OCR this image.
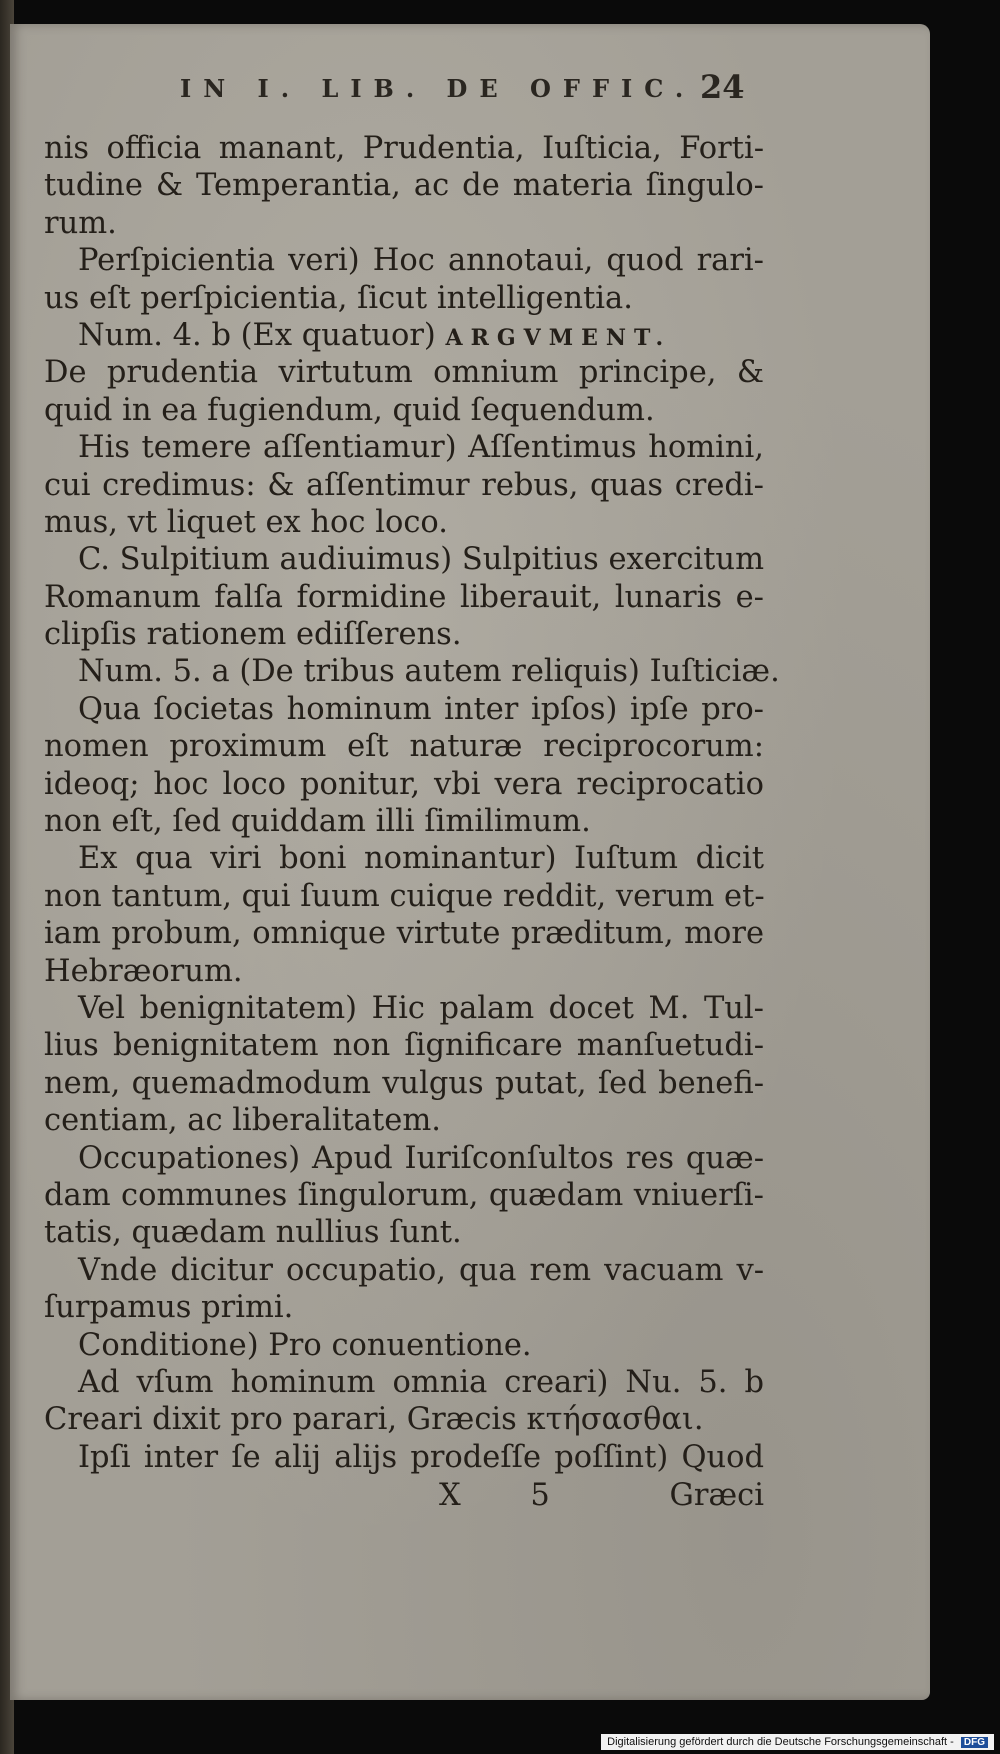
IN I. LIB. DE OFFIC. 24
nis officia manant, Prudentia, Iuſticia, Forti-
tudine & Temperantia, ac de materia ſingulo-
rum.
Perſpicientia veri) Hoc annotaui, quod rari-
us eſt perſpicientia, ſicut intelligentia.
Num. 4. b (Ex quatuor) ARGVMENT.
De prudentia virtutum omnium principe, &
quid in ea fugiendum, quid ſequendum.
His temere aſſentiamur) Aſſentimus homini,
cui credimus: & aſſentimur rebus, quas credi-
mus, vt liquet ex hoc loco.
C. Sulpitium audiuimus) Sulpitius exercitum
Romanum falſa formidine liberauit, lunaris e-
clipſis rationem ediſſerens.
Num. 5. a (De tribus autem reliquis) Iuſticiæ.
Qua ſocietas hominum inter ipſos) ipſe pro-
nomen proximum eſt naturæ reciprocorum:
ideoq; hoc loco ponitur, vbi vera reciprocatio
non eſt, ſed quiddam illi ſimilimum.
Ex qua viri boni nominantur) Iuſtum dicit
non tantum, qui ſuum cuique reddit, verum et-
iam probum, omnique virtute præditum, more
Hebræorum.
Vel benignitatem) Hic palam docet M. Tul-
lius benignitatem non ſignificare manſuetudi-
nem, quemadmodum vulgus putat, ſed benefi-
centiam, ac liberalitatem.
Occupationes) Apud Iuriſconſultos res quæ-
dam communes ſingulorum, quædam vniuerſi-
tatis, quædam nullius ſunt.
Vnde dicitur occupatio, qua rem vacuam v-
ſurpamus primi.
Conditione) Pro conuentione.
Ad vſum hominum omnia creari) Nu. 5. b
Creari dixit pro parari, Græcis κτήσασθαι.
Ipſi inter ſe alij alijs prodeſſe poſſint) Quod
X 5	Græci
Digitalisierung gefördert durch die Deutsche Forschungsgemeinschaft - DFG
